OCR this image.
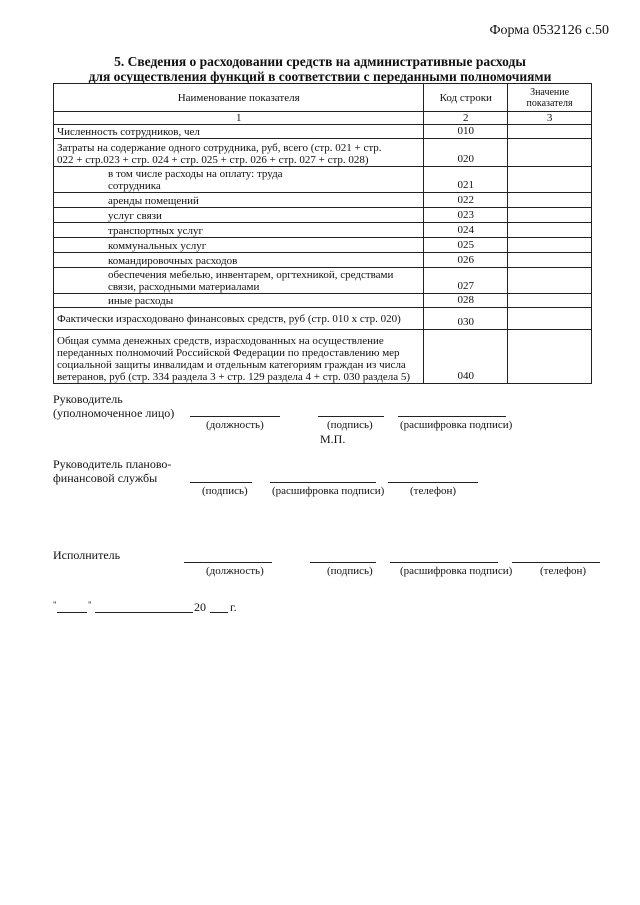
Форма 0532126 с.50
5. Сведения о расходовании средств на административные расходы
для осуществления функций в соответствии с переданными полномочиями
Наименование показателя	Код строки	Значение показателя
1	2	3
Численность сотрудников, чел	010	
Затраты на содержание одного сотрудника, руб, всего (стр. 021 + стр. 022 + стр.023 + стр. 024 + стр. 025 + стр. 026 + стр. 027 + стр. 028)	020	
в том числе расходы на оплату: труда сотрудника	021	
аренды помещений	022	
услуг связи	023	
транспортных услуг	024	
коммунальных услуг	025	
командировочных расходов	026	
обеспечения мебелью, инвентарем, оргтехникой, средствами связи, расходными материалами	027	
иные расходы	028	
Фактически израсходовано финансовых средств, руб (стр. 010 х стр. 020)	030	
Общая сумма денежных средств, израсходованных на осуществление переданных полномочий Российской Федерации по предоставлению мер социальной защиты инвалидам и отдельным категориям граждан из числа ветеранов, руб (стр. 334 раздела 3 + стр. 129 раздела 4 + стр. 030 раздела 5)	040	
Руководитель
(уполномоченное лицо)
(должность)	(подпись) (расшифровка подписи)
М.П.
Руководитель планово-
финансовой службы
(подпись) (расшифровка подписи) (телефон)
Исполнитель
(должность)	(подпись) (расшифровка подписи)	(телефон)
"	"	20 г.
